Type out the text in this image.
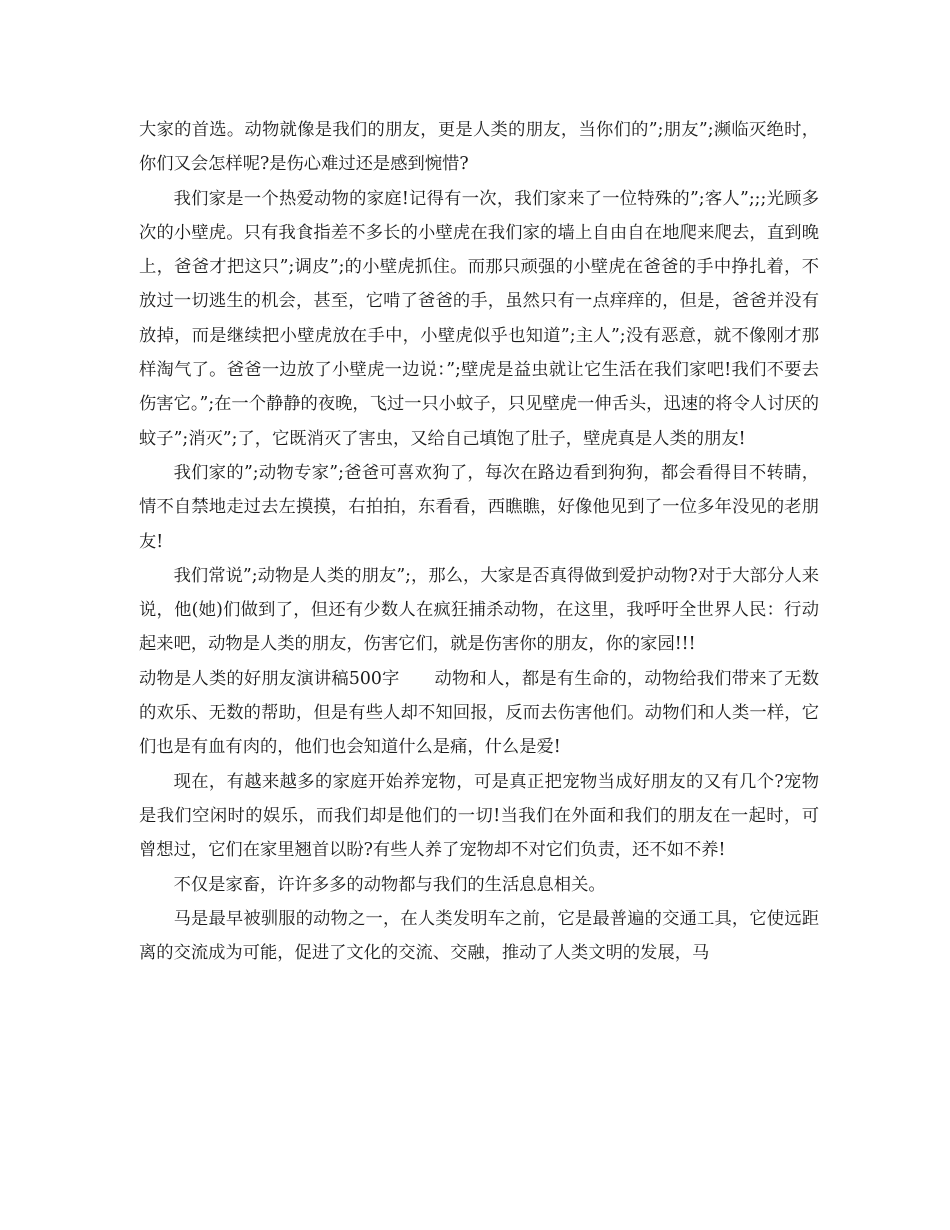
大家的首选。动物就像是我们的朋友，更是人类的朋友，当你们的”;朋友”;濒临灭绝时，你们又会怎样呢?是伤心难过还是感到惋惜?

我们家是一个热爱动物的家庭!记得有一次，我们家来了一位特殊的”;客人”;;;光顾多次的小壁虎。只有我食指差不多长的小壁虎在我们家的墙上自由自在地爬来爬去，直到晚上，爸爸才把这只”;调皮”;的小壁虎抓住。而那只顽强的小壁虎在爸爸的手中挣扎着，不放过一切逃生的机会，甚至，它啃了爸爸的手，虽然只有一点痒痒的，但是，爸爸并没有放掉，而是继续把小壁虎放在手中，小壁虎似乎也知道”;主人”;没有恶意，就不像刚才那样淘气了。爸爸一边放了小壁虎一边说：”;壁虎是益虫就让它生活在我们家吧!我们不要去伤害它。”;在一个静静的夜晚，飞过一只小蚊子，只见壁虎一伸舌头，迅速的将令人讨厌的蚊子”;消灭”;了，它既消灭了害虫，又给自己填饱了肚子，壁虎真是人类的朋友!

我们家的”;动物专家”;爸爸可喜欢狗了，每次在路边看到狗狗，都会看得目不转睛，情不自禁地走过去左摸摸，右拍拍，东看看，西瞧瞧，好像他见到了一位多年没见的老朋友!

我们常说”;动物是人类的朋友”;，那么，大家是否真得做到爱护动物?对于大部分人来说，他(她)们做到了，但还有少数人在疯狂捕杀动物，在这里，我呼吁全世界人民：行动起来吧，动物是人类的朋友，伤害它们，就是伤害你的朋友，你的家园!!!

动物是人类的好朋友演讲稿500字　　动物和人，都是有生命的，动物给我们带来了无数的欢乐、无数的帮助，但是有些人却不知回报，反而去伤害他们。动物们和人类一样，它们也是有血有肉的，他们也会知道什么是痛，什么是爱!

现在，有越来越多的家庭开始养宠物，可是真正把宠物当成好朋友的又有几个?宠物是我们空闲时的娱乐，而我们却是他们的一切!当我们在外面和我们的朋友在一起时，可曾想过，它们在家里翘首以盼?有些人养了宠物却不对它们负责，还不如不养!

不仅是家畜，许许多多的动物都与我们的生活息息相关。

马是最早被驯服的动物之一，在人类发明车之前，它是最普遍的交通工具，它使远距离的交流成为可能，促进了文化的交流、交融，推动了人类文明的发展，马
